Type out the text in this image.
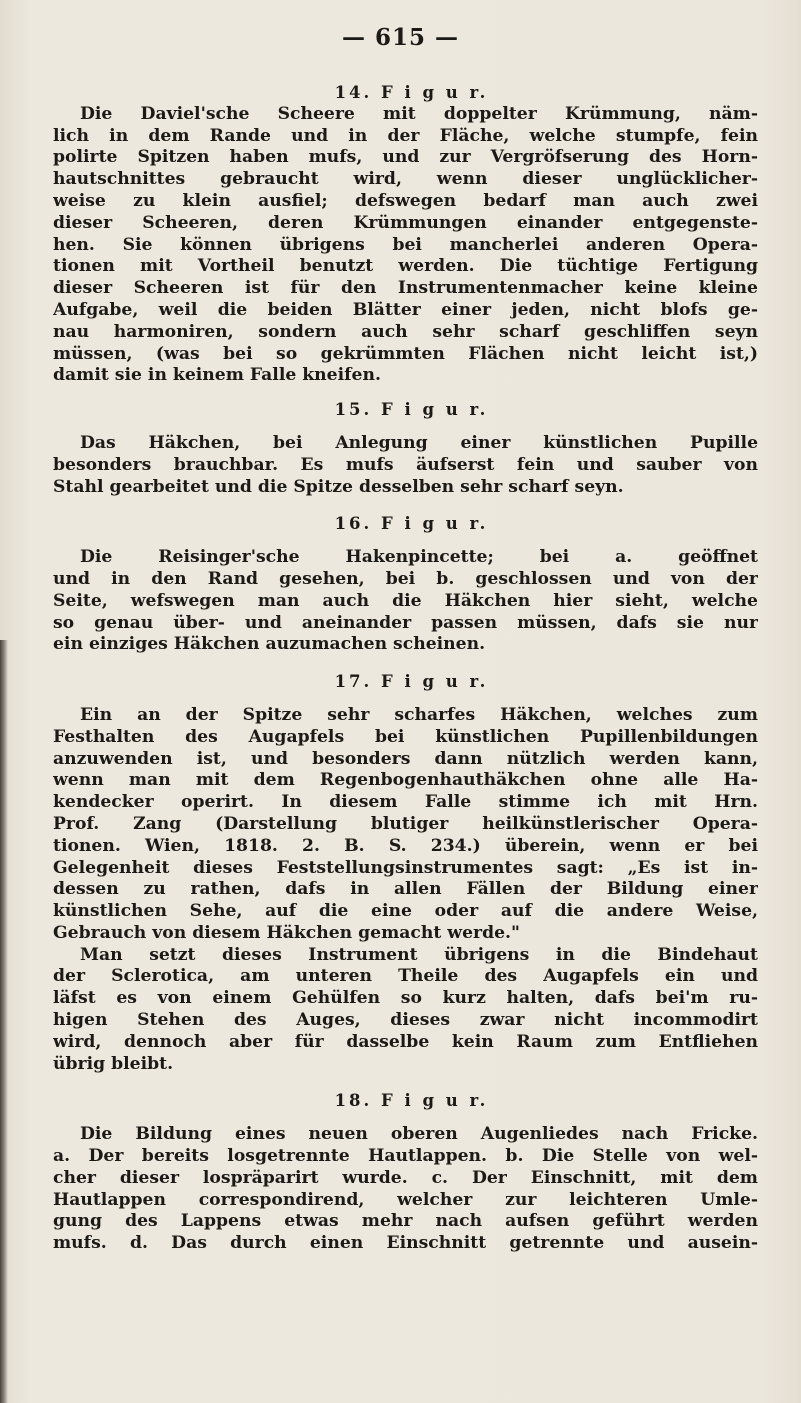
— 615 —
14. F i g u r.
Die Daviel'sche Scheere mit doppelter Krümmung, näm-
lich in dem Rande und in der Fläche, welche stumpfe, fein
polirte Spitzen haben mufs, und zur Vergröfserung des Horn-
hautschnittes gebraucht wird, wenn dieser unglücklicher-
weise zu klein ausfiel; defswegen bedarf man auch zwei
dieser Scheeren, deren Krümmungen einander entgegenste-
hen. Sie können übrigens bei mancherlei anderen Opera-
tionen mit Vortheil benutzt werden. Die tüchtige Fertigung
dieser Scheeren ist für den Instrumentenmacher keine kleine
Aufgabe, weil die beiden Blätter einer jeden, nicht blofs ge-
nau harmoniren, sondern auch sehr scharf geschliffen seyn
müssen, (was bei so gekrümmten Flächen nicht leicht ist,)
damit sie in keinem Falle kneifen.
15. F i g u r.
Das Häkchen, bei Anlegung einer künstlichen Pupille
besonders brauchbar. Es mufs äufserst fein und sauber von
Stahl gearbeitet und die Spitze desselben sehr scharf seyn.
16. F i g u r.
Die Reisinger'sche Hakenpincette; bei a. geöffnet
und in den Rand gesehen, bei b. geschlossen und von der
Seite, wefswegen man auch die Häkchen hier sieht, welche
so genau über- und aneinander passen müssen, dafs sie nur
ein einziges Häkchen auzumachen scheinen.
17. F i g u r.
Ein an der Spitze sehr scharfes Häkchen, welches zum
Festhalten des Augapfels bei künstlichen Pupillenbildungen
anzuwenden ist, und besonders dann nützlich werden kann,
wenn man mit dem Regenbogenhauthäkchen ohne alle Ha-
kendecker operirt. In diesem Falle stimme ich mit Hrn.
Prof. Zang (Darstellung blutiger heilkünstlerischer Opera-
tionen. Wien, 1818. 2. B. S. 234.) überein, wenn er bei
Gelegenheit dieses Feststellungsinstrumentes sagt: „Es ist in-
dessen zu rathen, dafs in allen Fällen der Bildung einer
künstlichen Sehe, auf die eine oder auf die andere Weise,
Gebrauch von diesem Häkchen gemacht werde."
Man setzt dieses Instrument übrigens in die Bindehaut
der Sclerotica, am unteren Theile des Augapfels ein und
läfst es von einem Gehülfen so kurz halten, dafs bei'm ru-
higen Stehen des Auges, dieses zwar nicht incommodirt
wird, dennoch aber für dasselbe kein Raum zum Entfliehen
übrig bleibt.
18. F i g u r.
Die Bildung eines neuen oberen Augenliedes nach Fricke.
a. Der bereits losgetrennte Hautlappen. b. Die Stelle von wel-
cher dieser lospräparirt wurde. c. Der Einschnitt, mit dem
Hautlappen correspondirend, welcher zur leichteren Umle-
gung des Lappens etwas mehr nach aufsen geführt werden
mufs. d. Das durch einen Einschnitt getrennte und ausein-
